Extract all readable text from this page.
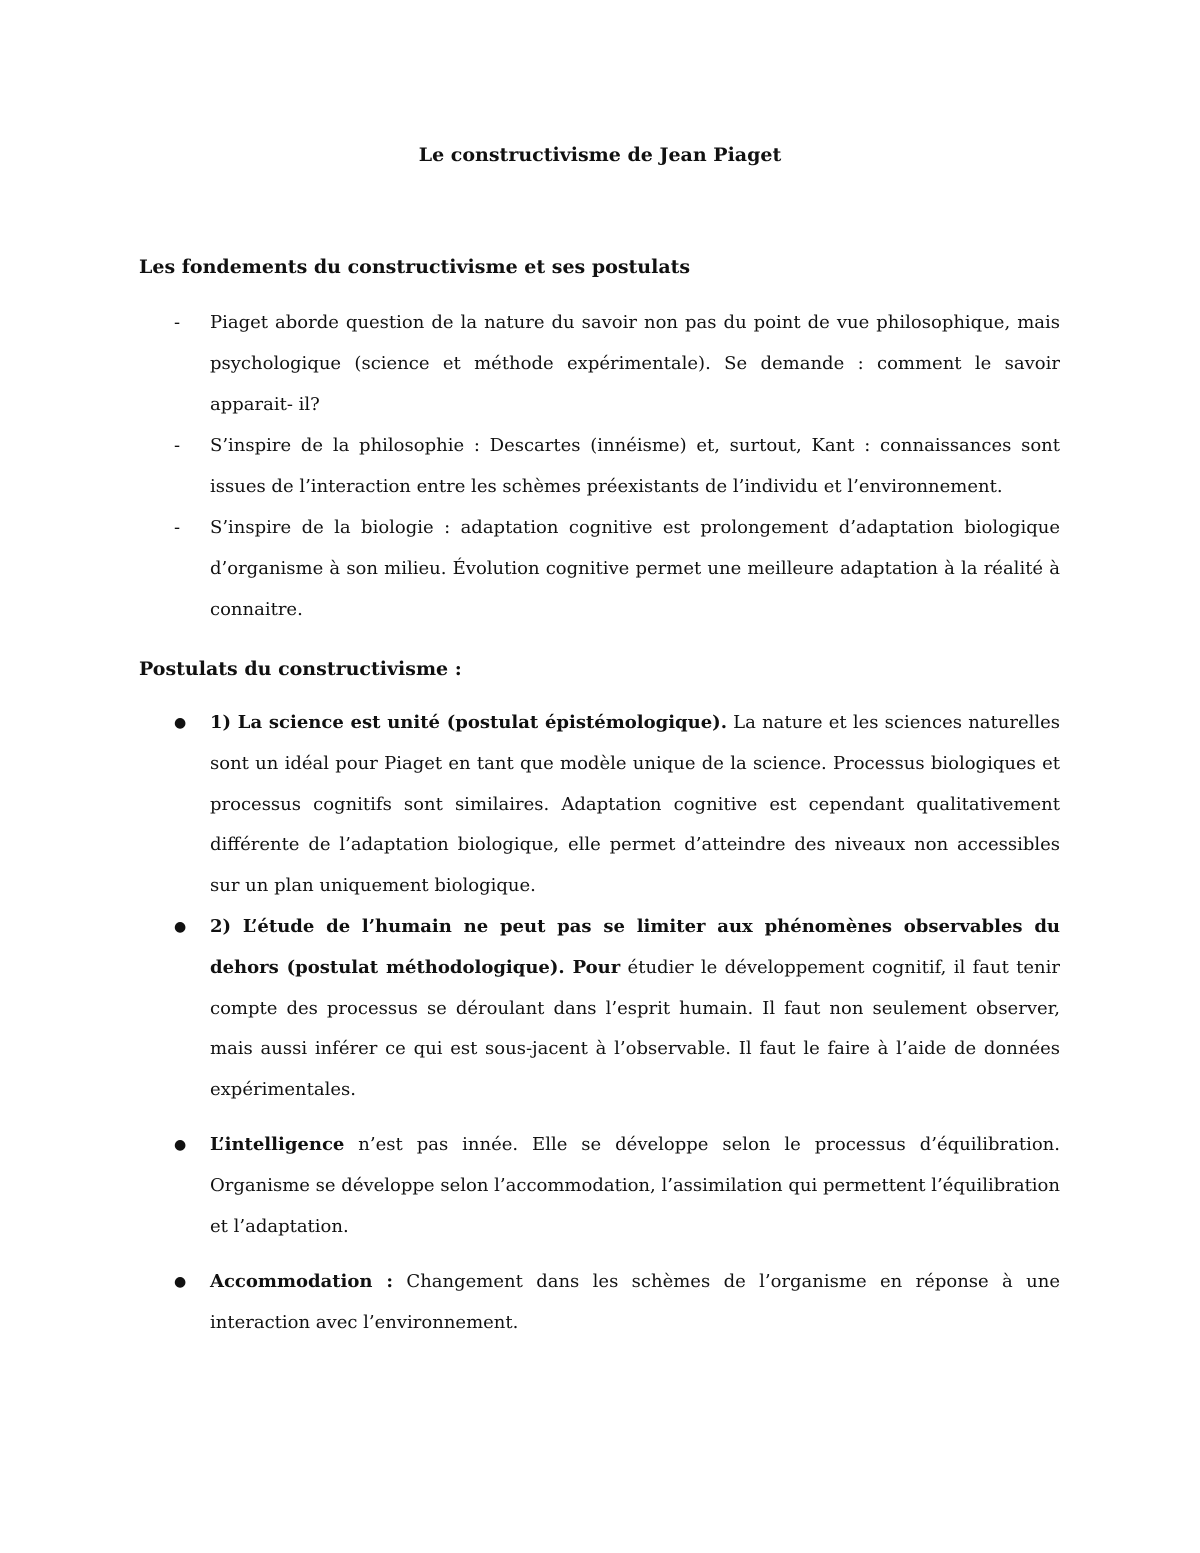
Le constructivisme de Jean Piaget
Les fondements du constructivisme et ses postulats
- Piaget aborde question de la nature du savoir non pas du point de vue philosophique, mais psychologique (science et méthode expérimentale). Se demande : comment le savoir apparait- il?
- S’inspire de la philosophie : Descartes (innéisme) et, surtout, Kant : connaissances sont issues de l’interaction entre les schèmes préexistants de l’individu et l’environnement.
- S’inspire de la biologie : adaptation cognitive est prolongement d’adaptation biologique d’organisme à son milieu. Évolution cognitive permet une meilleure adaptation à la réalité à connaitre.
Postulats du constructivisme :
● 1) La science est unité (postulat épistémologique). La nature et les sciences naturelles sont un idéal pour Piaget en tant que modèle unique de la science. Processus biologiques et processus cognitifs sont similaires. Adaptation cognitive est cependant qualitativement différente de l’adaptation biologique, elle permet d’atteindre des niveaux non accessibles sur un plan uniquement biologique.
● 2) L’étude de l’humain ne peut pas se limiter aux phénomènes observables du dehors (postulat méthodologique). Pour étudier le développement cognitif, il faut tenir compte des processus se déroulant dans l’esprit humain. Il faut non seulement observer, mais aussi inférer ce qui est sous-jacent à l’observable. Il faut le faire à l’aide de données expérimentales.
● L’intelligence n’est pas innée. Elle se développe selon le processus d’équilibration. Organisme se développe selon l’accommodation, l’assimilation qui permettent l’équilibration et l’adaptation.
● Accommodation : Changement dans les schèmes de l’organisme en réponse à une interaction avec l’environnement.
